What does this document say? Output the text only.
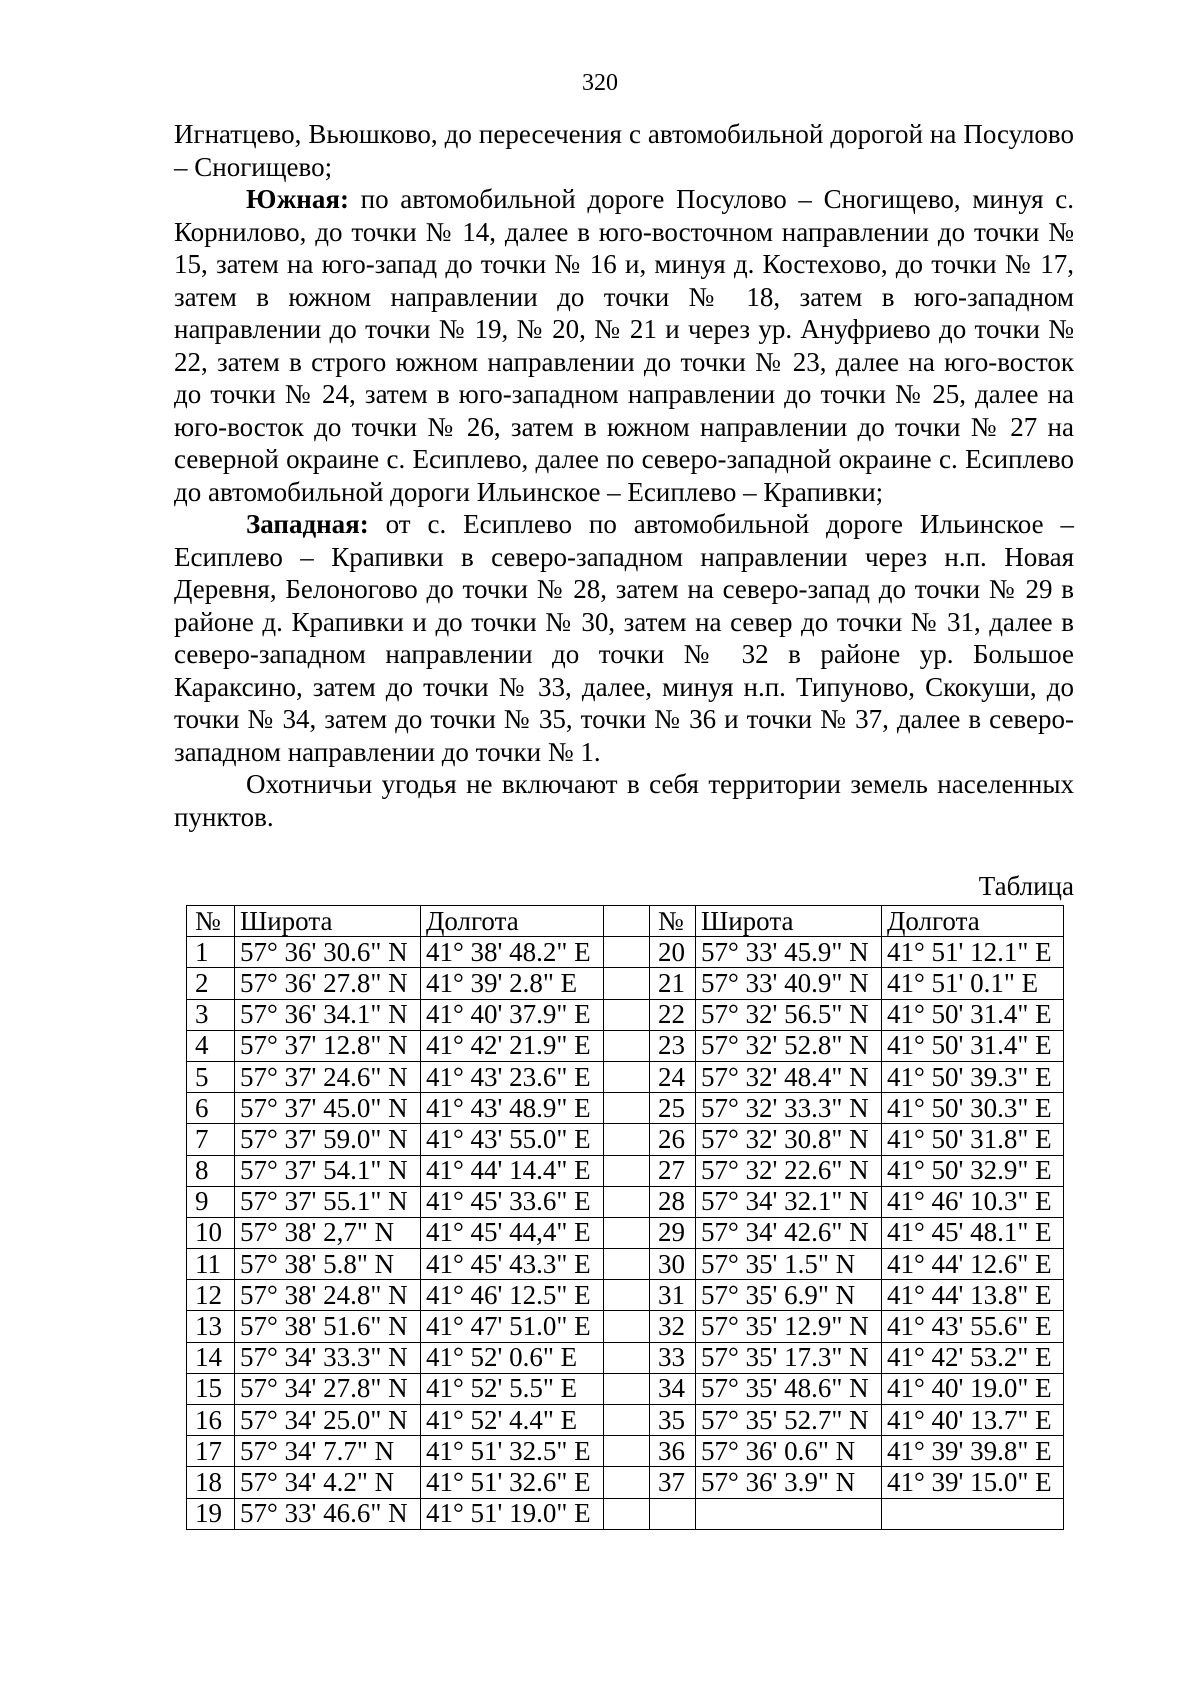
320

Игнатцево, Вьюшково, до пересечения с автомобильной дорогой на Посулово – Сногищево;

Южная: по автомобильной дороге Посулово – Сногищево, минуя с. Корнилово, до точки № 14, далее в юго-восточном направлении до точки № 15, затем на юго-запад до точки № 16 и, минуя д. Костехово, до точки № 17, затем в южном направлении до точки № 18, затем в юго-западном направлении до точки № 19, № 20, № 21 и через ур. Ануфриево до точки № 22, затем в строго южном направлении до точки № 23, далее на юго-восток до точки № 24, затем в юго-западном направлении до точки № 25, далее на юго-восток до точки № 26, затем в южном направлении до точки № 27 на северной окраине с. Есиплево, далее по северо-западной окраине с. Есиплево до автомобильной дороги Ильинское – Есиплево – Крапивки;

Западная: от с. Есиплево по автомобильной дороге Ильинское – Есиплево – Крапивки в северо-западном направлении через н.п. Новая Деревня, Белоногово до точки № 28, затем на северо-запад до точки № 29 в районе д. Крапивки и до точки № 30, затем на север до точки № 31, далее в северо-западном направлении до точки № 32 в районе ур. Большое Караксино, затем до точки № 33, далее, минуя н.п. Типуново, Скокуши, до точки № 34, затем до точки № 35, точки № 36 и точки № 37, далее в северо-западном направлении до точки № 1.

Охотничьи угодья не включают в себя территории земель населенных пунктов.

Таблица
№	Широта	Долгота		№	Широта	Долгота
1	57° 36' 30.6" N	41° 38' 48.2" E		20	57° 33' 45.9" N	41° 51' 12.1" E
2	57° 36' 27.8" N	41° 39' 2.8" E		21	57° 33' 40.9" N	41° 51' 0.1" E
3	57° 36' 34.1" N	41° 40' 37.9" E		22	57° 32' 56.5" N	41° 50' 31.4" E
4	57° 37' 12.8" N	41° 42' 21.9" E		23	57° 32' 52.8" N	41° 50' 31.4" E
5	57° 37' 24.6" N	41° 43' 23.6" E		24	57° 32' 48.4" N	41° 50' 39.3" E
6	57° 37' 45.0" N	41° 43' 48.9" E		25	57° 32' 33.3" N	41° 50' 30.3" E
7	57° 37' 59.0" N	41° 43' 55.0" E		26	57° 32' 30.8" N	41° 50' 31.8" E
8	57° 37' 54.1" N	41° 44' 14.4" E		27	57° 32' 22.6" N	41° 50' 32.9" E
9	57° 37' 55.1" N	41° 45' 33.6" E		28	57° 34' 32.1" N	41° 46' 10.3" E
10	57° 38' 2,7" N	41° 45' 44,4" E		29	57° 34' 42.6" N	41° 45' 48.1" E
11	57° 38' 5.8" N	41° 45' 43.3" E		30	57° 35' 1.5" N	41° 44' 12.6" E
12	57° 38' 24.8" N	41° 46' 12.5" E		31	57° 35' 6.9" N	41° 44' 13.8" E
13	57° 38' 51.6" N	41° 47' 51.0" E		32	57° 35' 12.9" N	41° 43' 55.6" E
14	57° 34' 33.3" N	41° 52' 0.6" E		33	57° 35' 17.3" N	41° 42' 53.2" E
15	57° 34' 27.8" N	41° 52' 5.5" E		34	57° 35' 48.6" N	41° 40' 19.0" E
16	57° 34' 25.0" N	41° 52' 4.4" E		35	57° 35' 52.7" N	41° 40' 13.7" E
17	57° 34' 7.7" N	41° 51' 32.5" E		36	57° 36' 0.6" N	41° 39' 39.8" E
18	57° 34' 4.2" N	41° 51' 32.6" E		37	57° 36' 3.9" N	41° 39' 15.0" E
19	57° 33' 46.6" N	41° 51' 19.0" E				
